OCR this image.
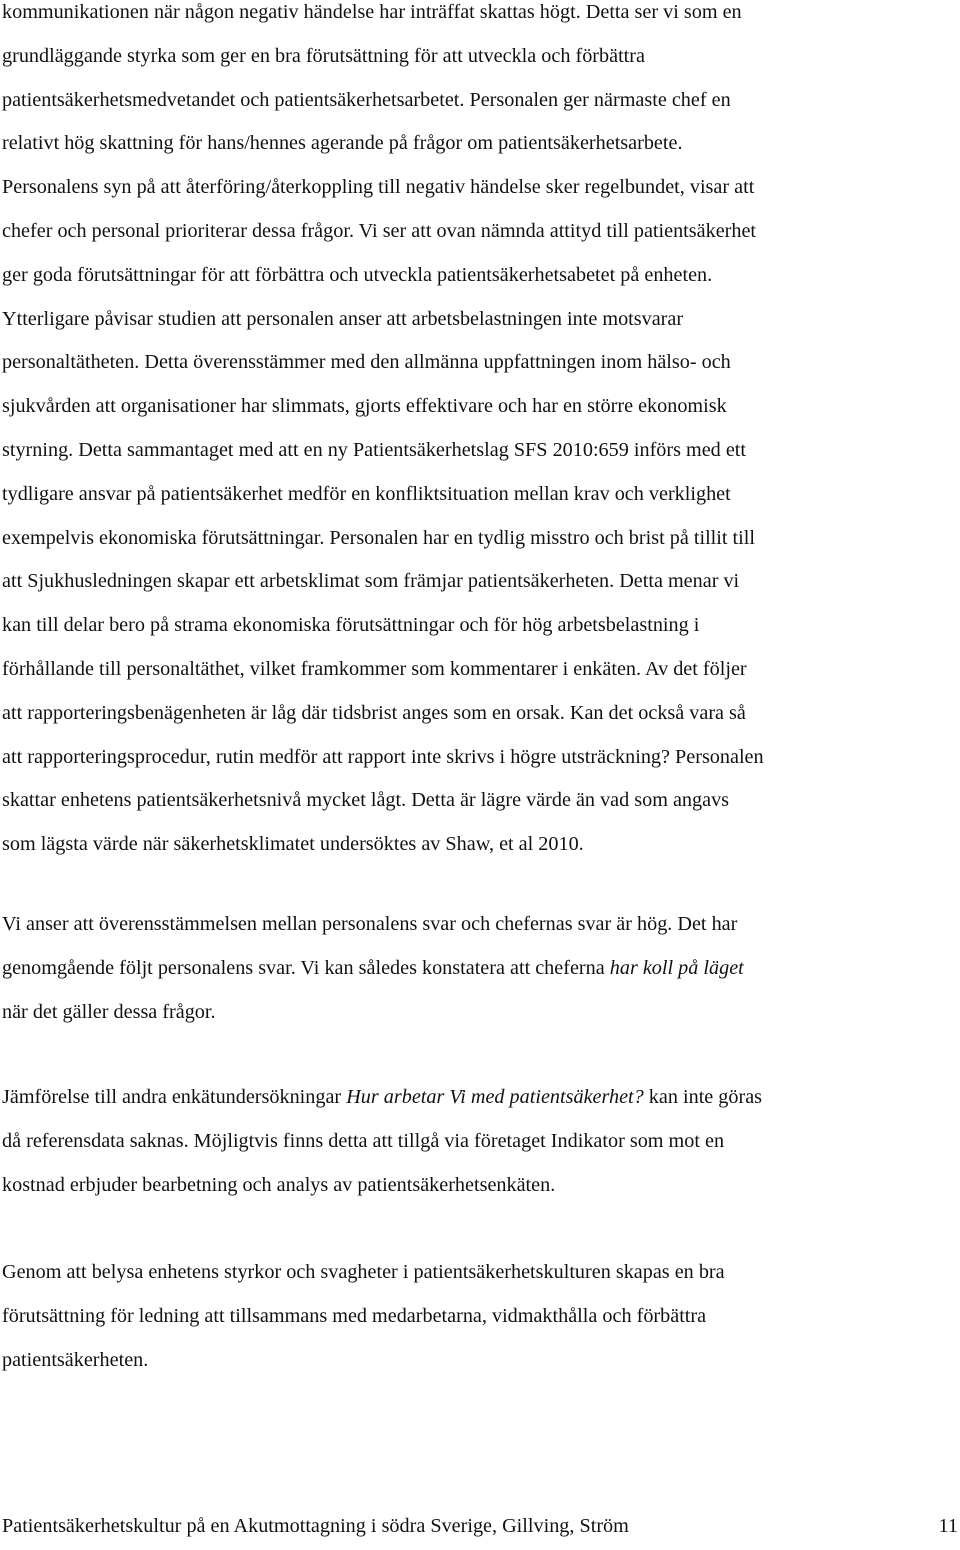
kommunikationen när någon negativ händelse har inträffat skattas högt. Detta ser vi som en
grundläggande styrka som ger en bra förutsättning för att utveckla och förbättra
patientsäkerhetsmedvetandet och patientsäkerhetsarbetet. Personalen ger närmaste chef en
relativt hög skattning för hans/hennes agerande på frågor om patientsäkerhetsarbete.
Personalens syn på att återföring/återkoppling till negativ händelse sker regelbundet, visar att
chefer och personal prioriterar dessa frågor. Vi ser att ovan nämnda attityd till patientsäkerhet
ger goda förutsättningar för att förbättra och utveckla patientsäkerhetsabetet på enheten.
Ytterligare påvisar studien att personalen anser att arbetsbelastningen inte motsvarar
personaltätheten. Detta överensstämmer med den allmänna uppfattningen inom hälso- och
sjukvården att organisationer har slimmats, gjorts effektivare och har en större ekonomisk
styrning. Detta sammantaget med att en ny Patientsäkerhetslag SFS 2010:659 införs med ett
tydligare ansvar på patientsäkerhet medför en konfliktsituation mellan krav och verklighet
exempelvis ekonomiska förutsättningar. Personalen har en tydlig misstro och brist på tillit till
att Sjukhusledningen skapar ett arbetsklimat som främjar patientsäkerheten. Detta menar vi
kan till delar bero på strama ekonomiska förutsättningar och för hög arbetsbelastning i
förhållande till personaltäthet, vilket framkommer som kommentarer i enkäten. Av det följer
att rapporteringsbenägenheten är låg där tidsbrist anges som en orsak. Kan det också vara så
att rapporteringsprocedur, rutin medför att rapport inte skrivs i högre utsträckning? Personalen
skattar enhetens patientsäkerhetsnivå mycket lågt. Detta är lägre värde än vad som angavs
som lägsta värde när säkerhetsklimatet undersöktes av Shaw, et al 2010.
Vi anser att överensstämmelsen mellan personalens svar och chefernas svar är hög. Det har
genomgående följt personalens svar. Vi kan således konstatera att cheferna har koll på läget
när det gäller dessa frågor.
Jämförelse till andra enkätundersökningar Hur arbetar Vi med patientsäkerhet? kan inte göras
då referensdata saknas. Möjligtvis finns detta att tillgå via företaget Indikator som mot en
kostnad erbjuder bearbetning och analys av patientsäkerhetsenkäten.
Genom att belysa enhetens styrkor och svagheter i patientsäkerhetskulturen skapas en bra
förutsättning för ledning att tillsammans med medarbetarna, vidmakthålla och förbättra
patientsäkerheten.
Patientsäkerhetskultur på en Akutmottagning i södra Sverige, Gillving, Ström	11
